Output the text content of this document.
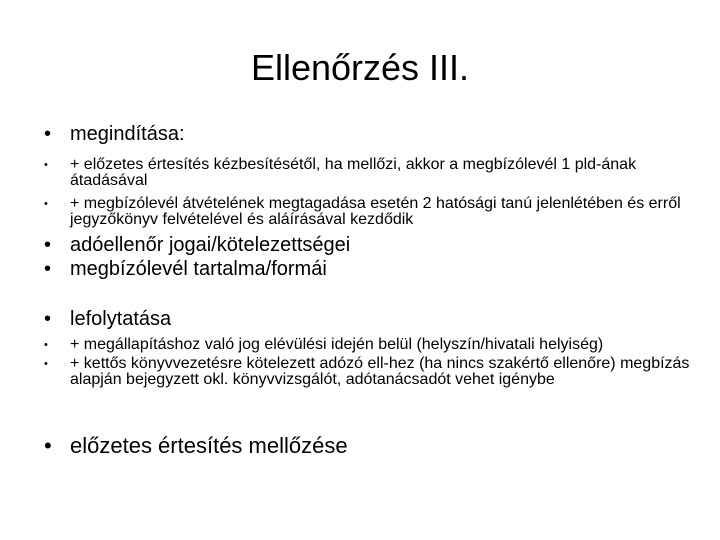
Ellenőrzés III.
• megindítása:
• + előzetes értesítés kézbesítésétől, ha mellőzi, akkor a megbízólevél 1 pld-ának átadásával
• + megbízólevél átvételének megtagadása esetén 2 hatósági tanú jelenlétében és erről jegyzőkönyv felvételével és aláírásával kezdődik
• adóellenőr jogai/kötelezettségei
• megbízólevél tartalma/formái
• lefolytatása
• + megállapításhoz való jog elévülési idején belül (helyszín/hivatali helyiség)
• + kettős könyvvezetésre kötelezett adózó ell-hez (ha nincs szakértő ellenőre) megbízás alapján bejegyzett okl. könyvvizsgálót, adótanácsadót vehet igénybe
• előzetes értesítés mellőzése
